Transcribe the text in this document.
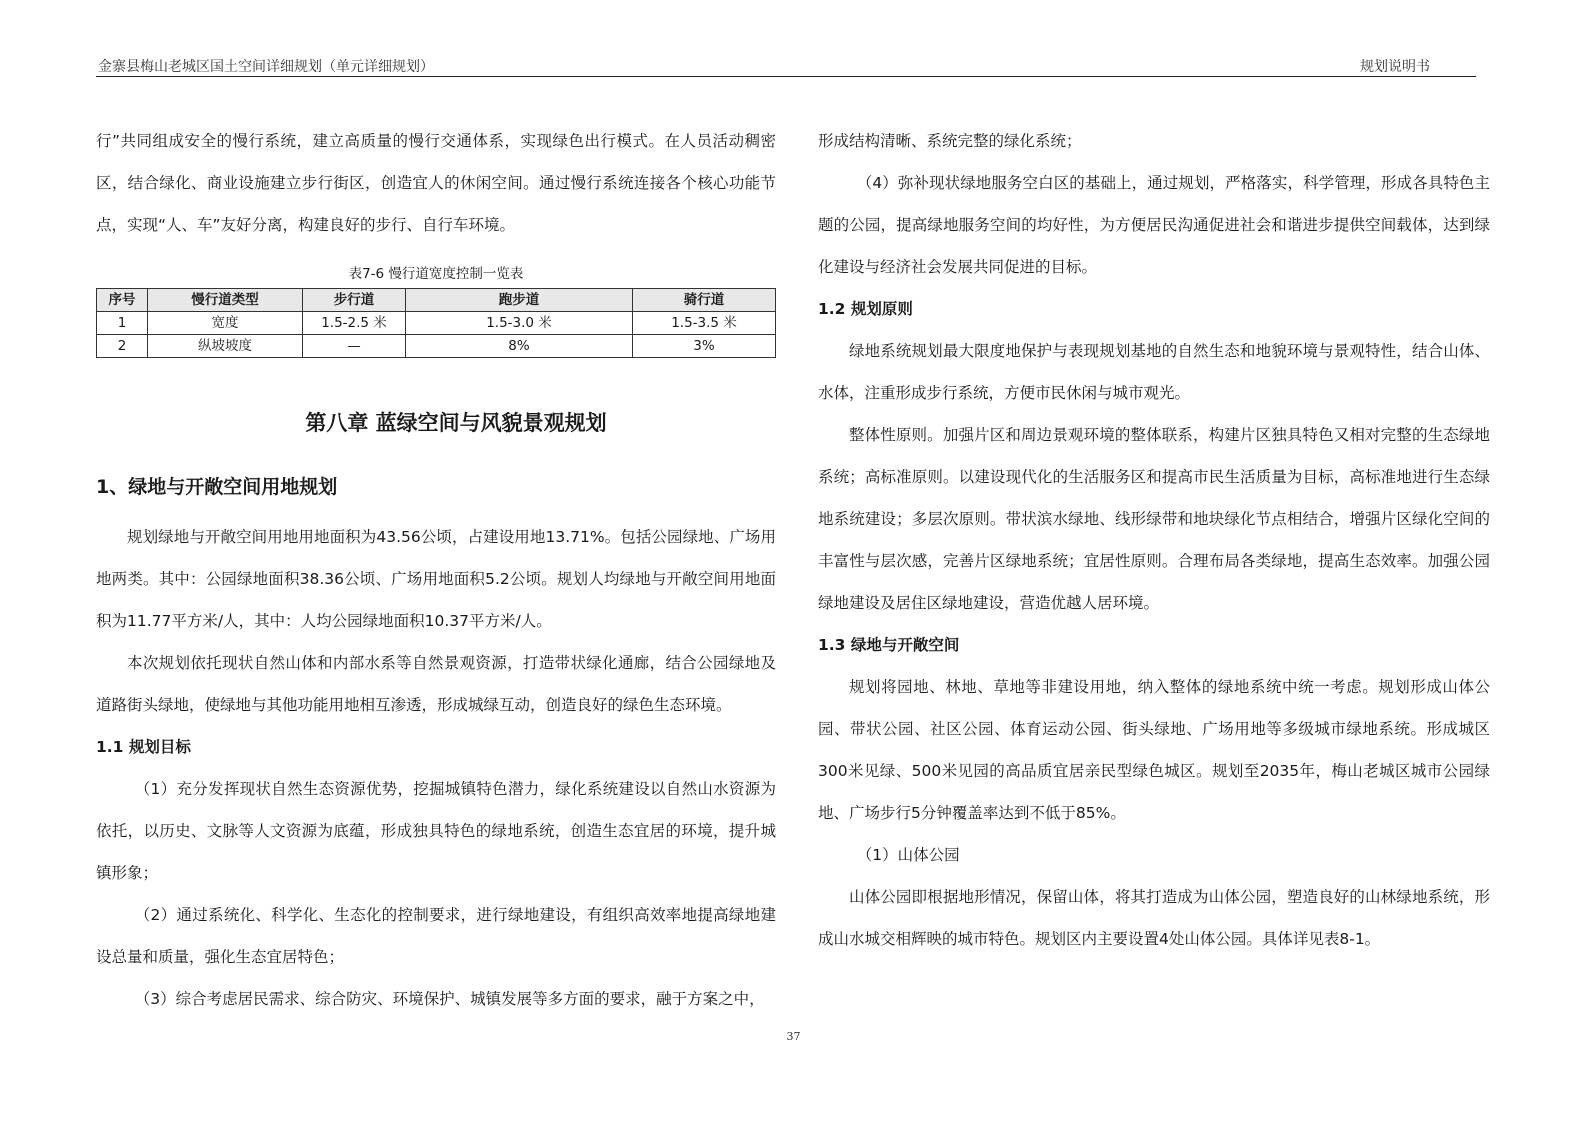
金寨县梅山老城区国土空间详细规划（单元详细规划）	规划说明书

行”共同组成安全的慢行系统，建立高质量的慢行交通体系，实现绿色出行模式。在人员活动稠密区，结合绿化、商业设施建立步行街区，创造宜人的休闲空间。通过慢行系统连接各个核心功能节点，实现“人、车”友好分离，构建良好的步行、自行车环境。

表7-6 慢行道宽度控制一览表
序号	慢行道类型	步行道	跑步道	骑行道
1	宽度	1.5-2.5 米	1.5-3.0 米	1.5-3.5 米
2	纵坡坡度	—	8%	3%
第八章 蓝绿空间与风貌景观规划
1、绿地与开敞空间用地规划

规划绿地与开敞空间用地用地面积为43.56公顷，占建设用地13.71%。包括公园绿地、广场用地两类。其中：公园绿地面积38.36公顷、广场用地面积5.2公顷。规划人均绿地与开敞空间用地面积为11.77平方米/人，其中：人均公园绿地面积10.37平方米/人。

本次规划依托现状自然山体和内部水系等自然景观资源，打造带状绿化通廊，结合公园绿地及道路街头绿地，使绿地与其他功能用地相互渗透，形成城绿互动，创造良好的绿色生态环境。

1.1 规划目标

（1）充分发挥现状自然生态资源优势，挖掘城镇特色潜力，绿化系统建设以自然山水资源为依托，以历史、文脉等人文资源为底蕴，形成独具特色的绿地系统，创造生态宜居的环境，提升城镇形象；

（2）通过系统化、科学化、生态化的控制要求，进行绿地建设，有组织高效率地提高绿地建设总量和质量，强化生态宜居特色；

（3）综合考虑居民需求、综合防灾、环境保护、城镇发展等多方面的要求，融于方案之中，

形成结构清晰、系统完整的绿化系统；

（4）弥补现状绿地服务空白区的基础上，通过规划，严格落实，科学管理，形成各具特色主题的公园，提高绿地服务空间的均好性，为方便居民沟通促进社会和谐进步提供空间载体，达到绿化建设与经济社会发展共同促进的目标。

1.2 规划原则

绿地系统规划最大限度地保护与表现规划基地的自然生态和地貌环境与景观特性，结合山体、水体，注重形成步行系统，方便市民休闲与城市观光。

整体性原则。加强片区和周边景观环境的整体联系，构建片区独具特色又相对完整的生态绿地系统；高标准原则。以建设现代化的生活服务区和提高市民生活质量为目标，高标准地进行生态绿地系统建设；多层次原则。带状滨水绿地、线形绿带和地块绿化节点相结合，增强片区绿化空间的丰富性与层次感，完善片区绿地系统；宜居性原则。合理布局各类绿地，提高生态效率。加强公园绿地建设及居住区绿地建设，营造优越人居环境。

1.3 绿地与开敞空间

规划将园地、林地、草地等非建设用地，纳入整体的绿地系统中统一考虑。规划形成山体公园、带状公园、社区公园、体育运动公园、街头绿地、广场用地等多级城市绿地系统。形成城区300米见绿、500米见园的高品质宜居亲民型绿色城区。规划至2035年，梅山老城区城市公园绿地、广场步行5分钟覆盖率达到不低于85%。

（1）山体公园

山体公园即根据地形情况，保留山体，将其打造成为山体公园，塑造良好的山林绿地系统，形成山水城交相辉映的城市特色。规划区内主要设置4处山体公园。具体详见表8-1。

37
